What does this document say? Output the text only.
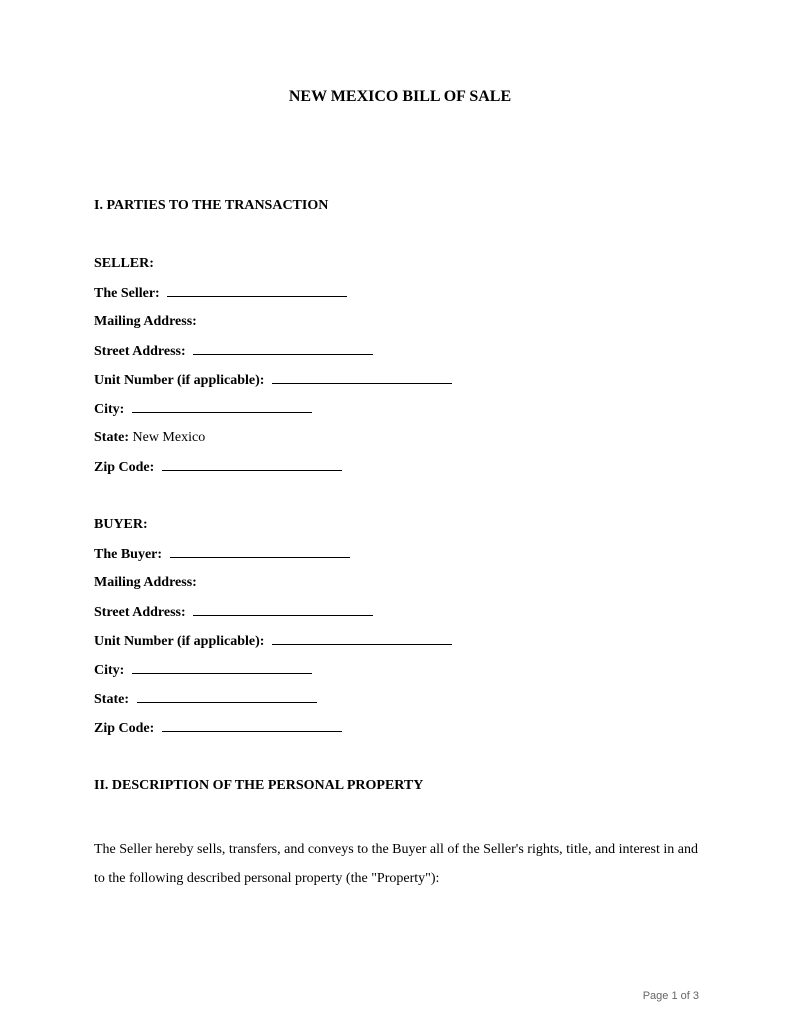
NEW MEXICO BILL OF SALE
I. PARTIES TO THE TRANSACTION
SELLER:
The Seller:
Mailing Address:
Street Address:
Unit Number (if applicable):
City:
State: New Mexico
Zip Code:
BUYER:
The Buyer:
Mailing Address:
Street Address:
Unit Number (if applicable):
City:
State:
Zip Code:
II. DESCRIPTION OF THE PERSONAL PROPERTY

The Seller hereby sells, transfers, and conveys to the Buyer all of the Seller's rights, title, and interest in and to the following described personal property (the "Property"):

Page 1 of 3
